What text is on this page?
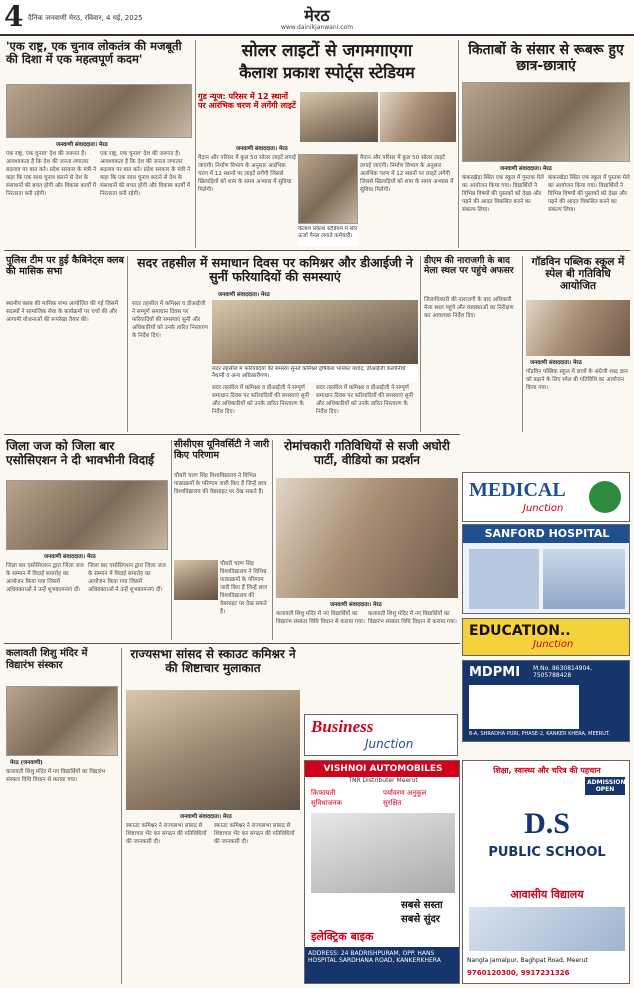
4 दैनिक जनवाणी मेरठ, रविवार, 4 मई, 2025	मेरठ
www.dainikjanwani.com
'एक राष्ट्र, एक चुनाव लोकतंत्र की मजबूती की दिशा में एक महत्वपूर्ण कदम'
जनवाणी संवाददाता। मेरठ
एक राष्ट्र, एक चुनाव' देश की जरूरत है। आवश्यकता है कि देश की जनता लगातार बदलाव पर बात करे। प्रदेश सरकार के मंत्री ने कहा कि एक साथ चुनाव कराने से देश के संसाधनों की बचत होगी और विकास कार्यों में निरंतरता बनी रहेगी।
एक राष्ट्र, एक चुनाव' देश की जरूरत है। आवश्यकता है कि देश की जनता लगातार बदलाव पर बात करे। प्रदेश सरकार के मंत्री ने कहा कि एक साथ चुनाव कराने से देश के संसाधनों की बचत होगी और विकास कार्यों में निरंतरता बनी रहेगी।
सोलर लाइटों से जगमगाएगा
कैलाश प्रकाश स्पोर्ट्स स्टेडियम
गुड न्यूज: परिसर में 12 स्थानों पर आरंभिक चरण में लगेंगी लाइटें
जनवाणी संवाददाता। मेरठ
मैदान और परिसर में कुल 50 सोलर लाइटें लगाई जाएंगी। निर्माण विभाग के अनुसार आरंभिक चरण में 12 स्थानों पर लाइटें लगेंगी जिससे खिलाड़ियों को शाम के समय अभ्यास में सुविधा मिलेगी।
कैलाश प्रकाश स्टेडियम में सौर ऊर्जा पैनल लगाते कर्मचारी।
मैदान और परिसर में कुल 50 सोलर लाइटें लगाई जाएंगी। निर्माण विभाग के अनुसार आरंभिक चरण में 12 स्थानों पर लाइटें लगेंगी जिससे खिलाड़ियों को शाम के समय अभ्यास में सुविधा मिलेगी।
किताबों के संसार से रूबरू हुए छात्र-छात्राएं
जनवाणी संवाददाता। मेरठ
कंकरखेड़ा स्थित एक स्कूल में पुस्तक मेले का आयोजन किया गया। विद्यार्थियों ने विभिन्न विषयों की पुस्तकों को देखा और पढ़ने की आदत विकसित करने का संकल्प लिया।
कंकरखेड़ा स्थित एक स्कूल में पुस्तक मेले का आयोजन किया गया। विद्यार्थियों ने विभिन्न विषयों की पुस्तकों को देखा और पढ़ने की आदत विकसित करने का संकल्प लिया।
पुलिस टीम पर हुई कैबिनेट्स क्लब की मासिक सभा
स्थानीय क्लब की मासिक सभा आयोजित की गई जिसमें सदस्यों ने सामाजिक सेवा के कार्यक्रमों पर चर्चा की और आगामी योजनाओं की रूपरेखा तैयार की।
सदर तहसील में समाधान दिवस पर कमिश्नर और डीआईजी ने सुनीं फरियादियों की समस्याएं
जनवाणी संवाददाता। मेरठ
सदर तहसील में कमिश्नर व डीआईजी ने सम्पूर्ण समाधान दिवस पर फरियादियों की समस्याएं सुनीं और अधिकारियों को उनके त्वरित निस्तारण के निर्देश दिए।
सदर तहसील में फरियादियों की समस्या सुनते कमिश्नर हृषिकेश भास्कर यशोद, डीआईजी कलानिधि नैथानी व अन्य अधिकारीगण।
सदर तहसील में कमिश्नर व डीआईजी ने सम्पूर्ण समाधान दिवस पर फरियादियों की समस्याएं सुनीं और अधिकारियों को उनके त्वरित निस्तारण के निर्देश दिए।
सदर तहसील में कमिश्नर व डीआईजी ने सम्पूर्ण समाधान दिवस पर फरियादियों की समस्याएं सुनीं और अधिकारियों को उनके त्वरित निस्तारण के निर्देश दिए।
डीएम की नाराजगी के बाद मेला स्थल पर पहुंचे अफसर
जिलाधिकारी की नाराजगी के बाद अधिकारी मेला स्थल पहुंचे और व्यवस्थाओं का निरीक्षण कर आवश्यक निर्देश दिए।
गॉडविन पब्लिक स्कूल में स्पेल बी गतिविधि आयोजित
जनवाणी संवाददाता। मेरठ
गॉडविन पब्लिक स्कूल में छात्रों के अंग्रेजी शब्द ज्ञान को बढ़ाने के लिए स्पेल बी गतिविधि का आयोजन किया गया।
जिला जज को जिला बार एसोसिएशन ने दी भावभीनी विदाई
जनवाणी संवाददाता। मेरठ
जिला बार एसोसिएशन द्वारा जिला जज के सम्मान में विदाई समारोह का आयोजन किया गया जिसमें अधिवक्ताओं ने उन्हें शुभकामनाएं दीं।
जिला बार एसोसिएशन द्वारा जिला जज के सम्मान में विदाई समारोह का आयोजन किया गया जिसमें अधिवक्ताओं ने उन्हें शुभकामनाएं दीं।
सीसीएस यूनिवर्सिटी ने जारी किए परिणाम
चौधरी चरण सिंह विश्वविद्यालय ने विभिन्न पाठ्यक्रमों के परिणाम जारी किए हैं जिन्हें छात्र विश्वविद्यालय की वेबसाइट पर देख सकते हैं।
चौधरी चरण सिंह विश्वविद्यालय ने विभिन्न पाठ्यक्रमों के परिणाम जारी किए हैं जिन्हें छात्र विश्वविद्यालय की वेबसाइट पर देख सकते हैं।
रोमांचकारी गतिविधियों से सजी अघोरी पार्टी, वीडियो का प्रदर्शन
जनवाणी संवाददाता। मेरठ
कलावती शिशु मंदिर में नए विद्यार्थियों का विद्यारंभ संस्कार विधि विधान से कराया गया।
कलावती शिशु मंदिर में नए विद्यार्थियों का विद्यारंभ संस्कार विधि विधान से कराया गया।
कलावती शिशु मंदिर में विद्यारंभ संस्कार
मेरठ (जनवाणी)
कलावती शिशु मंदिर में नए विद्यार्थियों का विद्यारंभ संस्कार विधि विधान से कराया गया।
राज्यसभा सांसद से स्काउट कमिश्नर ने की शिष्टाचार मुलाकात
जनवाणी संवाददाता। मेरठ
स्काउट कमिश्नर ने राज्यसभा सांसद से शिष्टाचार भेंट कर संगठन की गतिविधियों की जानकारी दी।
स्काउट कमिश्नर ने राज्यसभा सांसद से शिष्टाचार भेंट कर संगठन की गतिविधियों की जानकारी दी।
MEDICAL
Junction
SANFORD HOSPITAL
EDUCATION..
Junction
MDPMI M.No. 8630814904, 7505788428
8-A, SHRADHA PURI, PHASE-2, KANKER KHERA, MEERUT.
Business
Junction
VISHNOI AUTOMOBILES
TNR Distributer Meerut
किफायती	पर्यावरण अनुकूल
सुविधाजनक	सुरक्षित
सबसे सस्ता सबसे सुंदर
इलेक्ट्रिक बाइक
ADDRESS: 24 BADRISHPURAM, OPP. HANS HOSPITAL SARDHANA ROAD, KANKERKHERA
शिक्षा, स्वास्थ्य और चरित्र की पहचान
ADMISSION OPEN
D.S
PUBLIC SCHOOL
आवासीय विद्यालय
Nangla Jamalpur, Baghpat Road, Meerut
9760120300, 9917231326
